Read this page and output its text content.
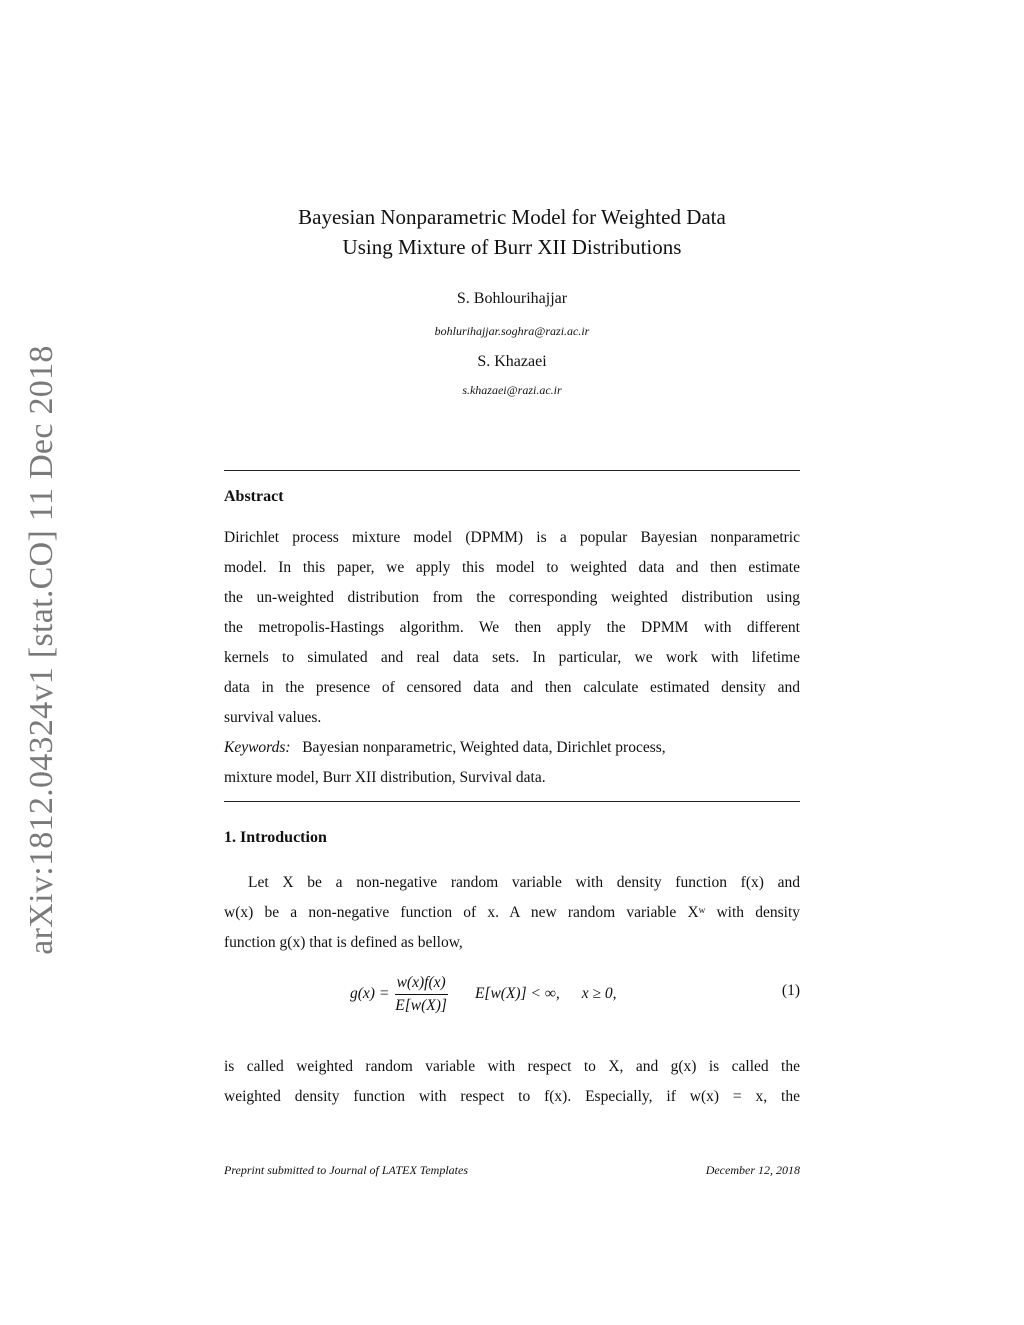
arXiv:1812.04324v1 [stat.CO] 11 Dec 2018
Bayesian Nonparametric Model for Weighted Data
Using Mixture of Burr XII Distributions
S. Bohlourihajjar
bohlurihajjar.soghra@razi.ac.ir
S. Khazaei
s.khazaei@razi.ac.ir
Abstract
Dirichlet process mixture model (DPMM) is a popular Bayesian nonparametric
model. In this paper, we apply this model to weighted data and then estimate
the un-weighted distribution from the corresponding weighted distribution using
the metropolis-Hastings algorithm. We then apply the DPMM with different
kernels to simulated and real data sets. In particular, we work with lifetime
data in the presence of censored data and then calculate estimated density and
survival values.
Keywords: Bayesian nonparametric, Weighted data, Dirichlet process,
mixture model, Burr XII distribution, Survival data.
1. Introduction
Let X be a non-negative random variable with density function f(x) and
w(x) be a non-negative function of x. A new random variable Xʷ with density
function g(x) that is defined as bellow,
$g(x) = \frac{w(x)f(x)}{E[w(X)]} E[w(X)]$ < ∞, x ≥ 0,	(1)
is called weighted random variable with respect to X, and g(x) is called the
weighted density function with respect to f(x). Especially, if w(x) = x, the
Preprint submitted to Journal of LATEX Templates	December 12, 2018
